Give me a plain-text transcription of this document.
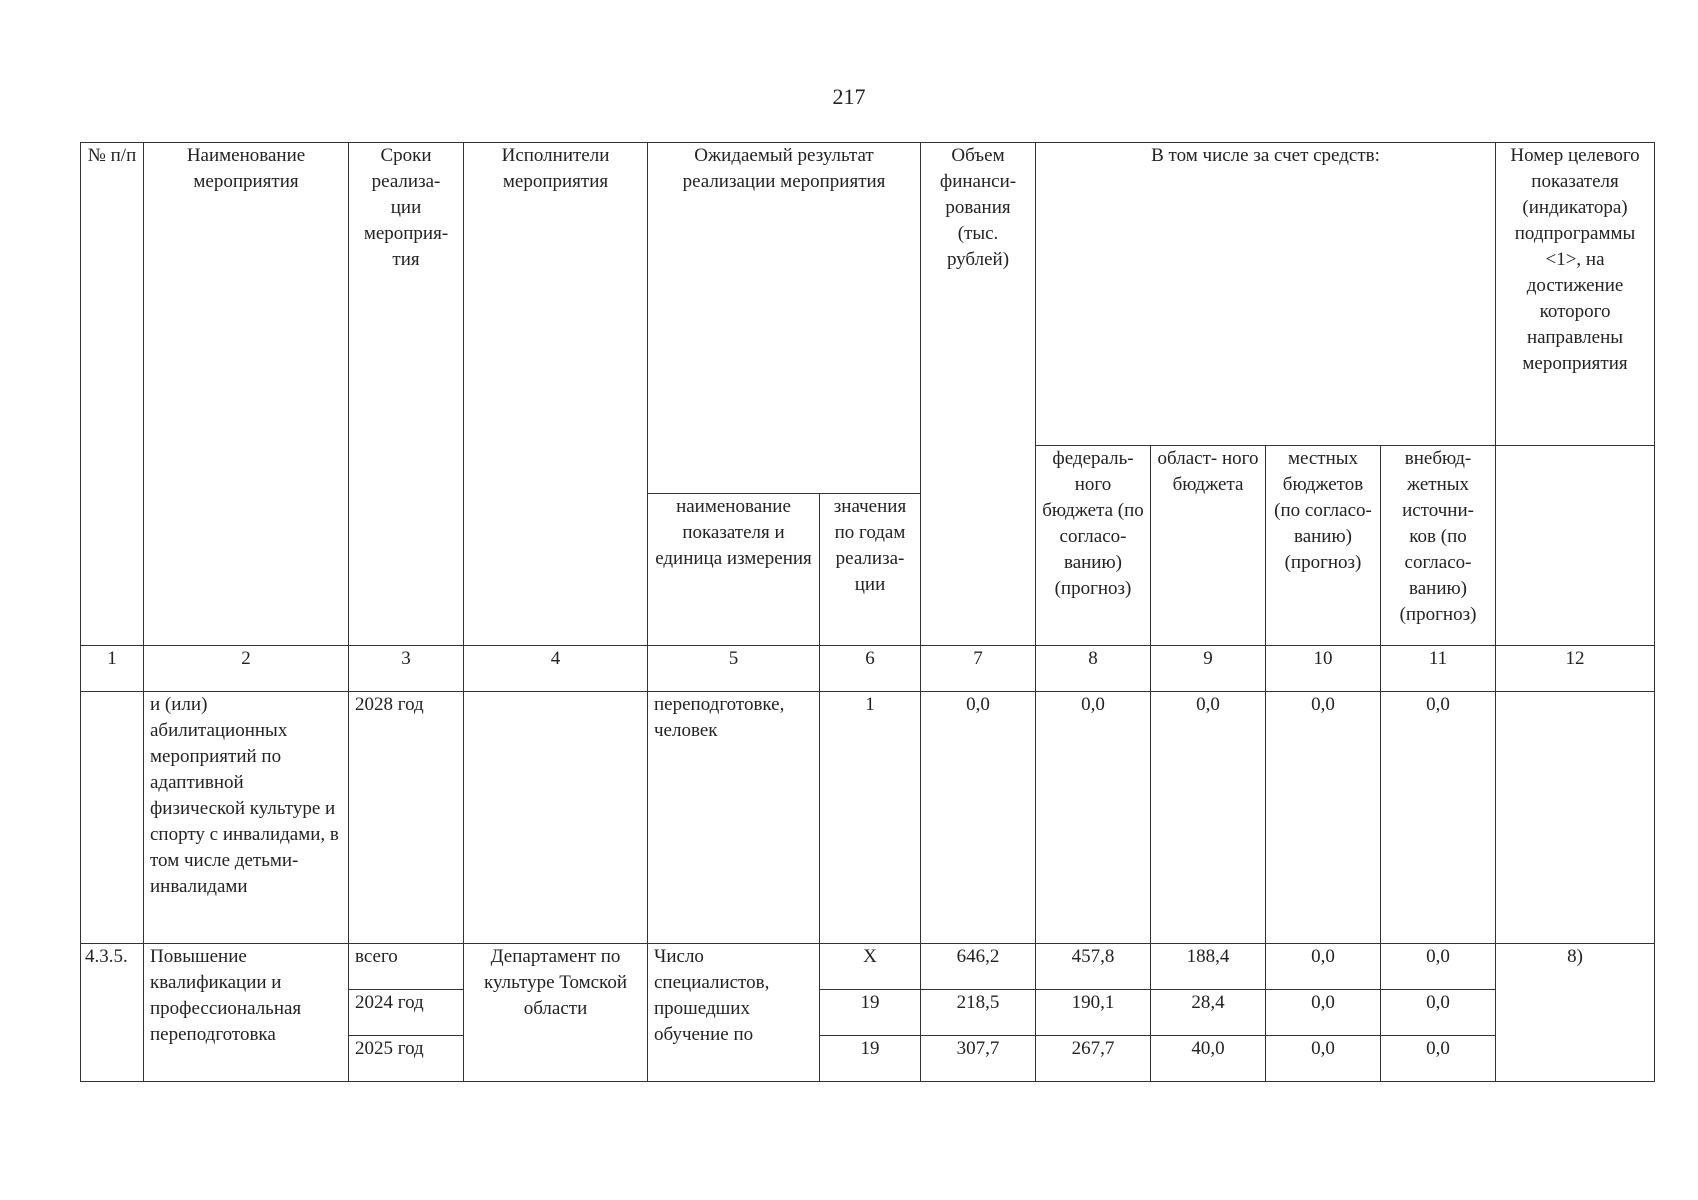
217
№ п/п	Наименование мероприятия	Сроки реализа- ции мероприя- тия	Исполнители мероприятия	Ожидаемый результат реализации мероприятия		Объем финанси- рования (тыс. рублей)	В том числе за счет средств:				Номер целевого показателя (индикатора) подпрограммы <1>, на достижение которого направлены мероприятия
							федераль- ного бюджета (по согласо- ванию) (прогноз)	област- ного бюджета	местных бюджетов (по согласо- ванию) (прогноз)	внебюд- жетных источни- ков (по согласо- ванию) (прогноз)	
				наименование показателя и единица измерения	значения по годам реализа- ции						
1	2	3	4	5	6	7	8	9	10	11	12
	и (или) абилитационных мероприятий по адаптивной физической культуре и спорту с инвалидами, в том числе детьми- инвалидами	2028 год		переподготовке, человек	1	0,0	0,0	0,0	0,0	0,0	
4.3.5.	Повышение квалификации и профессиональная переподготовка	всего	Департамент по культуре Томской области	Число специалистов, прошедших обучение по	X	646,2	457,8	188,4	0,0	0,0	8)
		2024 год			19	218,5	190,1	28,4	0,0	0,0	
		2025 год			19	307,7	267,7	40,0	0,0	0,0	
